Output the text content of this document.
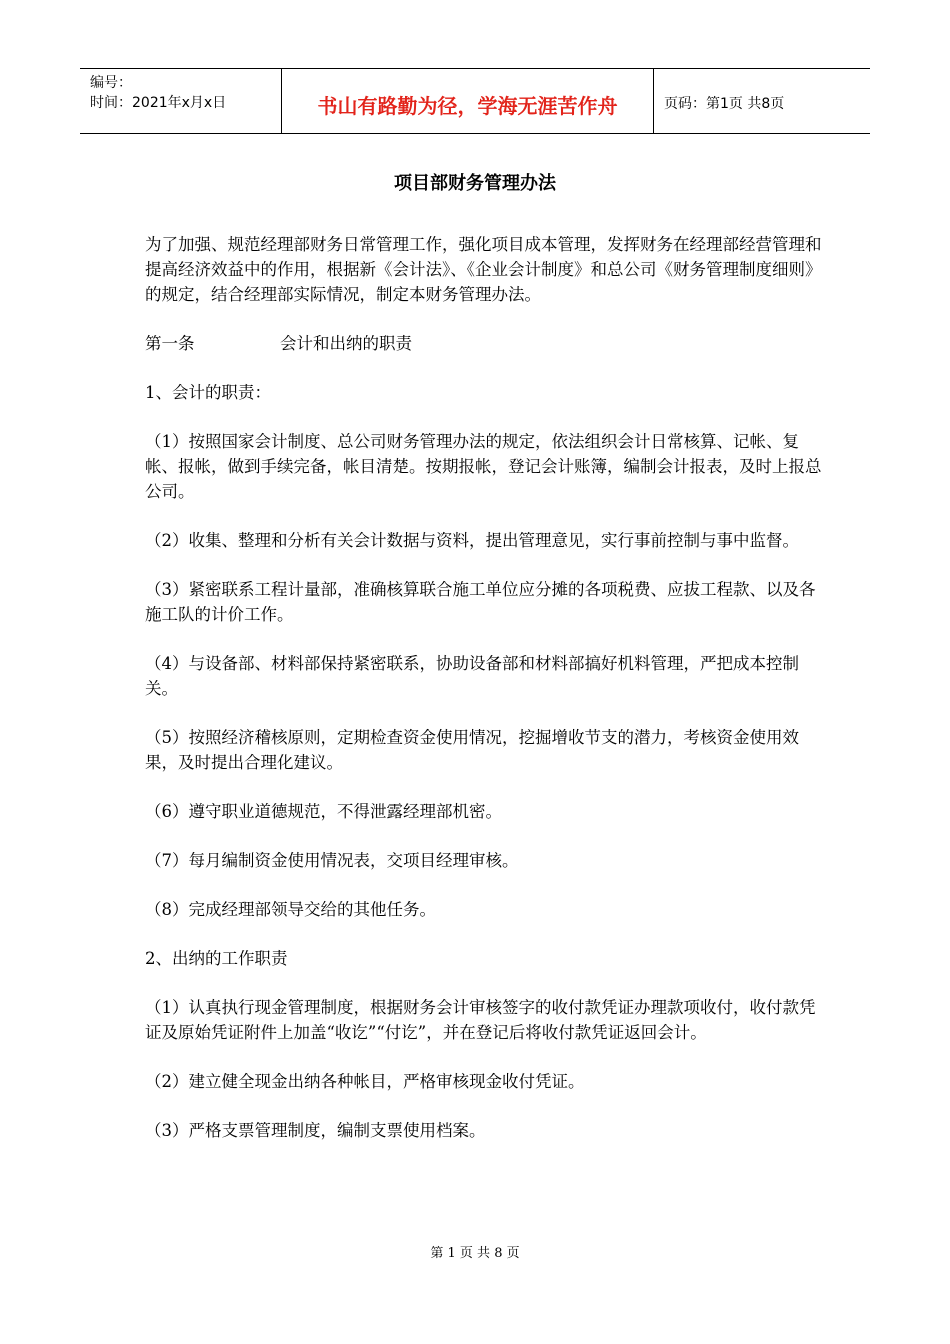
编号：
时间：2021年x月x日	书山有路勤为径，学海无涯苦作舟	页码：第1页 共8页
项目部财务管理办法

为了加强、规范经理部财务日常管理工作，强化项目成本管理，发挥财务在经理部经营管理和提高经济效益中的作用，根据新《会计法》、《企业会计制度》和总公司《财务管理制度细则》的规定，结合经理部实际情况，制定本财务管理办法。

第一条	会计和出纳的职责

1、会计的职责：

（1）按照国家会计制度、总公司财务管理办法的规定，依法组织会计日常核算、记帐、复帐、报帐，做到手续完备，帐目清楚。按期报帐，登记会计账簿，编制会计报表，及时上报总公司。

（2）收集、整理和分析有关会计数据与资料，提出管理意见，实行事前控制与事中监督。

（3）紧密联系工程计量部，准确核算联合施工单位应分摊的各项税费、应拔工程款、以及各施工队的计价工作。

（4）与设备部、材料部保持紧密联系，协助设备部和材料部搞好机料管理，严把成本控制关。

（5）按照经济稽核原则，定期检查资金使用情况，挖掘增收节支的潜力，考核资金使用效果，及时提出合理化建议。

（6）遵守职业道德规范，不得泄露经理部机密。

（7）每月编制资金使用情况表，交项目经理审核。

（8）完成经理部领导交给的其他任务。

2、出纳的工作职责

（1）认真执行现金管理制度，根据财务会计审核签字的收付款凭证办理款项收付，收付款凭证及原始凭证附件上加盖“收讫”“付讫”，并在登记后将收付款凭证返回会计。

（2）建立健全现金出纳各种帐目，严格审核现金收付凭证。

（3）严格支票管理制度，编制支票使用档案。

第 1 页 共 8 页
